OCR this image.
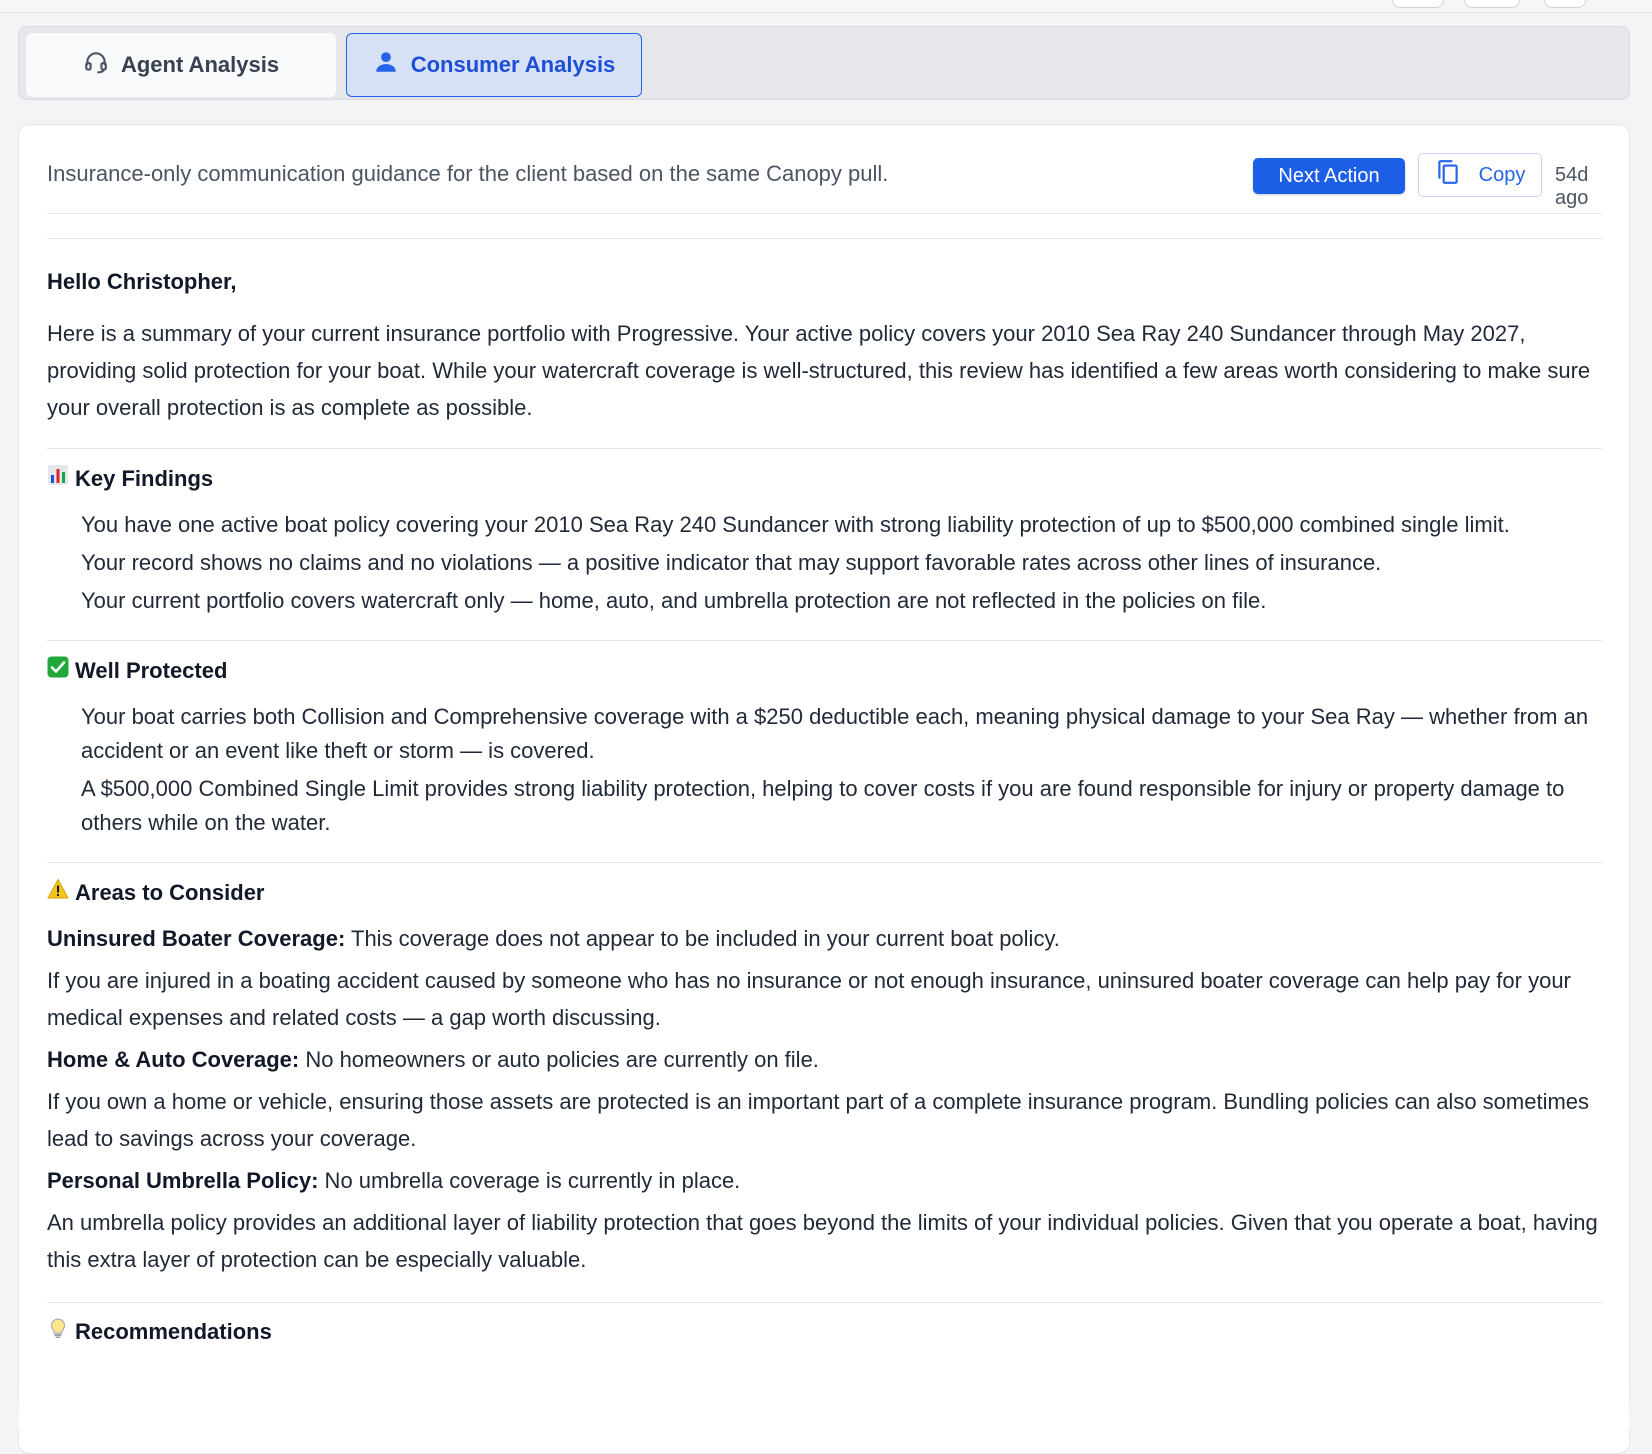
Agent Analysis	Consumer Analysis
Insurance-only communication guidance for the client based on the same Canopy pull.	Next Action	Copy 54d ago
Hello Christopher,

Here is a summary of your current insurance portfolio with Progressive. Your active policy covers your 2010 Sea Ray 240 Sundancer through May 2027, providing solid protection for your boat. While your watercraft coverage is well-structured, this review has identified a few areas worth considering to make sure your overall protection is as complete as possible.

Key Findings
You have one active boat policy covering your 2010 Sea Ray 240 Sundancer with strong liability protection of up to $500,000 combined single limit.
Your record shows no claims and no violations — a positive indicator that may support favorable rates across other lines of insurance.
Your current portfolio covers watercraft only — home, auto, and umbrella protection are not reflected in the policies on file.
Well Protected
Your boat carries both Collision and Comprehensive coverage with a $250 deductible each, meaning physical damage to your Sea Ray — whether from an accident or an event like theft or storm — is covered.
A $500,000 Combined Single Limit provides strong liability protection, helping to cover costs if you are found responsible for injury or property damage to others while on the water.
Areas to Consider

Uninsured Boater Coverage: This coverage does not appear to be included in your current boat policy.

If you are injured in a boating accident caused by someone who has no insurance or not enough insurance, uninsured boater coverage can help pay for your medical expenses and related costs — a gap worth discussing.

Home & Auto Coverage: No homeowners or auto policies are currently on file.

If you own a home or vehicle, ensuring those assets are protected is an important part of a complete insurance program. Bundling policies can also sometimes lead to savings across your coverage.

Personal Umbrella Policy: No umbrella coverage is currently in place.

An umbrella policy provides an additional layer of liability protection that goes beyond the limits of your individual policies. Given that you operate a boat, having this extra layer of protection can be especially valuable.

Recommendations
